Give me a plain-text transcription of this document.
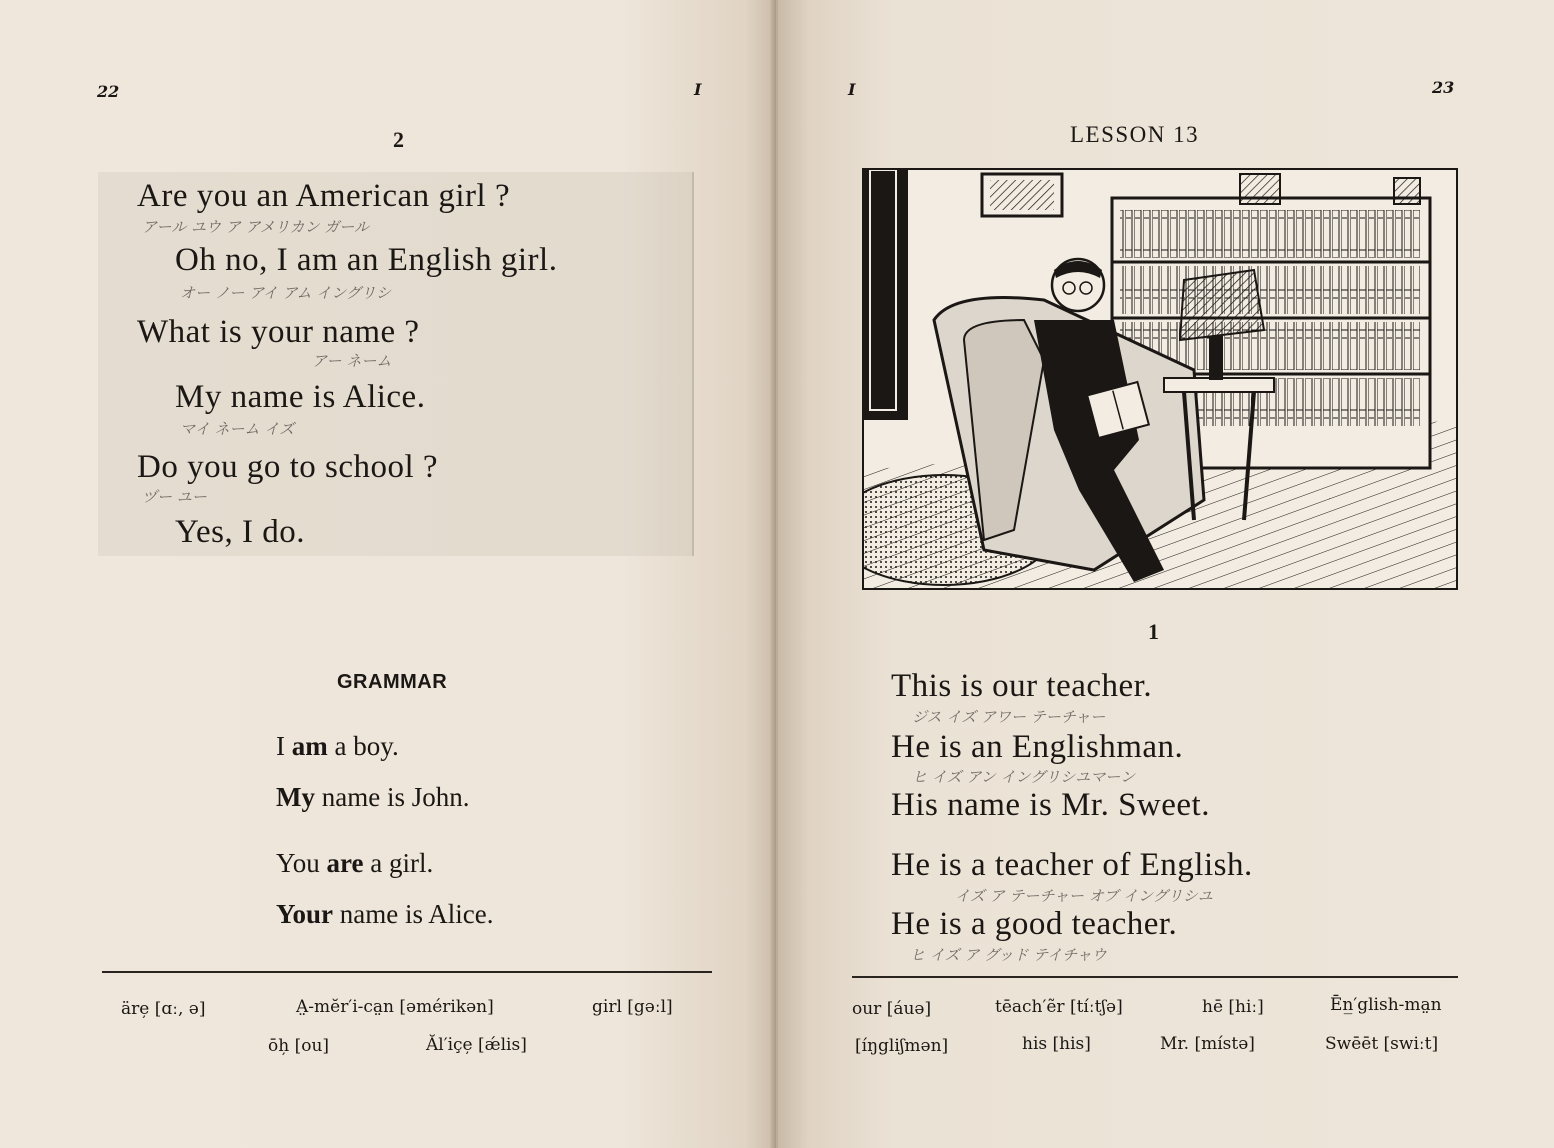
22	I
2
Are you an American girl ?
アール ユウ ア アメリカン ガール
Oh no, I am an English girl.
オー ノー アイ アム イングリシ
What is your name ?
アー ネーム
My name is Alice.
マイ ネーム イズ
Do you go to school ?
ヅー ユー
Yes, I do.
GRAMMAR
I am a boy.
My name is John.
You are a girl.
Your name is Alice.
äre̦ [ɑː, ə]	A̤-mĕr′i-ca̤n [əmérikən]	gi̇rl [gəːl]
ōh̦ [ou]	Ăl′i̇çe̦ [ǽlis]
I	23
LESSON 13
1
This is our teacher.
ジス イズ アワー テーチャー
He is an Englishman.
ヒ イズ アン イングリシユマーン
His name is Mr. Sweet.
He is a teacher of English.
イズ ア テーチャー オブ イングリシユ
He is a good teacher.
ヒ イズ ア グッド テイチャウ
our [áuə]	tēach′ẽr [tíːtʃə]	hē [hiː]	Ēn̲′glish-ma̤n
[íŋgliʃmən]	hi̇s [his]	Mr. [místə]	Swēēt [swiːt]
